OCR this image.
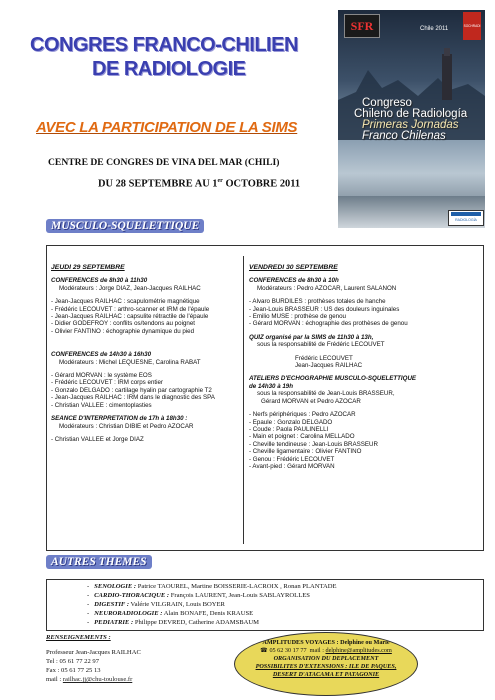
CONGRES FRANCO-CHILIEN
DE RADIOLOGIE
AVEC LA PARTICIPATION DE LA SIMS
CENTRE DE CONGRES DE VINA DEL MAR (CHILI)
DU 28 SEPTEMBRE AU 1er OCTOBRE 2011
SFR	SOCHRADI
Chile 2011
Congreso
Chileno de Radiología
Primeras Jornadas
Franco Chilenas
RADIOLOGÍA
MUSCULO-SQUELETTIQUE

JEUDI 29 SEPTEMBRE

CONFERENCES de 8h30 à 11h30

Modérateurs : Jorge DIAZ, Jean-Jacques RAILHAC

- Jean-Jacques RAILHAC : scapulométrie magnétique

- Frédéric LECOUVET : arthro-scanner et IRM de l'épaule

- Jean-Jacques RAILHAC : capsulite rétractile de l'épaule

- Didier GODEFROY : conflits os/tendons au poignet

- Olivier FANTINO : échographie dynamique du pied

CONFERENCES de 14h30 à 16h30

Modérateurs : Michel LEQUESNE, Carolina RABAT

- Gérard MORVAN : le système EOS

- Frédéric LECOUVET : IRM corps entier

- Gonzalo DELGADO : cartilage hyalin par cartographie T2

- Jean-Jacques RAILHAC : IRM dans le diagnostic des SPA

- Christian VALLEE : cimentoplasties

SEANCE D'INTERPRETATION de 17h à 18h30 :

Modérateurs : Christian DIBIE et Pedro AZOCAR

- Christian VALLEE et Jorge DIAZ

VENDREDI 30 SEPTEMBRE

CONFERENCES de 8h30 à 10h

Modérateurs : Pedro AZOCAR, Laurent SALANON

- Alvaro BURDILES : prothèses totales de hanche

- Jean-Louis BRASSEUR : US des douleurs inguinales

- Emilio MUSE : prothèse de genou

- Gérard MORVAN : échographie des prothèses de genou

QUIZ organisé par la SIMS de 11h30 à 13h,

sous la responsabilité de Frédéric LECOUVET

Frédéric LECOUVET

Jean-Jacques RAILHAC

ATELIERS D'ECHOGRAPHIE MUSCULO-SQUELETTIQUE

de 14h30 à 19h

sous la responsabilité de Jean-Louis BRASSEUR,

Gérard MORVAN et Pedro AZOCAR

- Nerfs périphériques : Pedro AZOCAR

- Epaule : Gonzalo DELGADO

- Coude : Paola PAULINELLI

- Main et poignet : Carolina MELLADO

- Cheville tendineuse : Jean-Louis BRASSEUR

- Cheville ligamentaire : Olivier FANTINO

- Genou : Frédéric LECOUVET

- Avant-pied : Gérard MORVAN

AUTRES THEMES

-   SENOLOGIE : Patrice TAOUREL, Martine BOISSERIE-LACROIX , Ronan PLANTADE

-   CARDIO-THORACIQUE : François LAURENT, Jean-Louis SABLAYROLLES

-   DIGESTIF : Valérie VILGRAIN, Louis BOYER

-   NEURORADIOLOGIE : Alain BONAFE, Denis KRAUSE

-   PEDIATRIE : Philippe DEVRED, Catherine ADAMSBAUM

RENSEIGNEMENTS :
Professeur Jean-Jacques RAILHAC
Tel : 05 61 77 22 97
Fax : 05 61 77 25 13
mail : railhac.jj@chu-toulouse.fr
AMPLITUDES VOYAGES : Delphine ou Marie
☎ 05 62 30 17 77 mail : delphine@amplitudes.com
ORGANISATION DU DEPLACEMENT
POSSIBILITES D'EXTENSIONS : ILE DE PAQUES,
DESERT D'ATACAMA ET PATAGONIE
